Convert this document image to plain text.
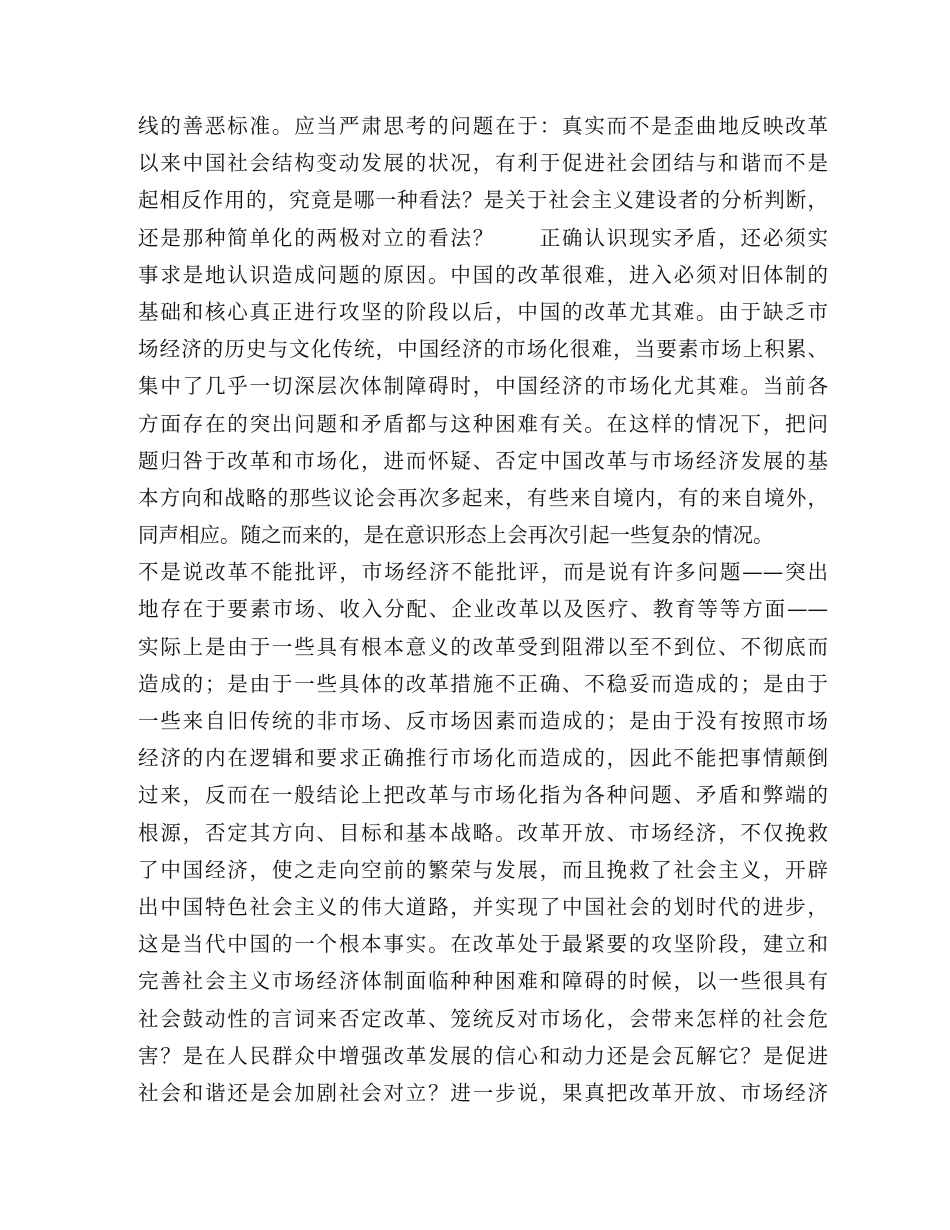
线的善恶标准。应当严肃思考的问题在于：真实而不是歪曲地反映改革
以来中国社会结构变动发展的状况，有利于促进社会团结与和谐而不是
起相反作用的，究竟是哪一种看法？是关于社会主义建设者的分析判断，
还是那种简单化的两极对立的看法？　　正确认识现实矛盾，还必须实
事求是地认识造成问题的原因。中国的改革很难，进入必须对旧体制的
基础和核心真正进行攻坚的阶段以后，中国的改革尤其难。由于缺乏市
场经济的历史与文化传统，中国经济的市场化很难，当要素市场上积累、
集中了几乎一切深层次体制障碍时，中国经济的市场化尤其难。当前各
方面存在的突出问题和矛盾都与这种困难有关。在这样的情况下，把问
题归咎于改革和市场化，进而怀疑、否定中国改革与市场经济发展的基
本方向和战略的那些议论会再次多起来，有些来自境内，有的来自境外，
同声相应。随之而来的，是在意识形态上会再次引起一些复杂的情况。
不是说改革不能批评，市场经济不能批评，而是说有许多问题——突出
地存在于要素市场、收入分配、企业改革以及医疗、教育等等方面——
实际上是由于一些具有根本意义的改革受到阻滞以至不到位、不彻底而
造成的；是由于一些具体的改革措施不正确、不稳妥而造成的；是由于
一些来自旧传统的非市场、反市场因素而造成的；是由于没有按照市场
经济的内在逻辑和要求正确推行市场化而造成的，因此不能把事情颠倒
过来，反而在一般结论上把改革与市场化指为各种问题、矛盾和弊端的
根源，否定其方向、目标和基本战略。改革开放、市场经济，不仅挽救
了中国经济，使之走向空前的繁荣与发展，而且挽救了社会主义，开辟
出中国特色社会主义的伟大道路，并实现了中国社会的划时代的进步，
这是当代中国的一个根本事实。在改革处于最紧要的攻坚阶段，建立和
完善社会主义市场经济体制面临种种困难和障碍的时候，以一些很具有
社会鼓动性的言词来否定改革、笼统反对市场化，会带来怎样的社会危
害？是在人民群众中增强改革发展的信心和动力还是会瓦解它？是促进
社会和谐还是会加剧社会对立？进一步说，果真把改革开放、市场经济
